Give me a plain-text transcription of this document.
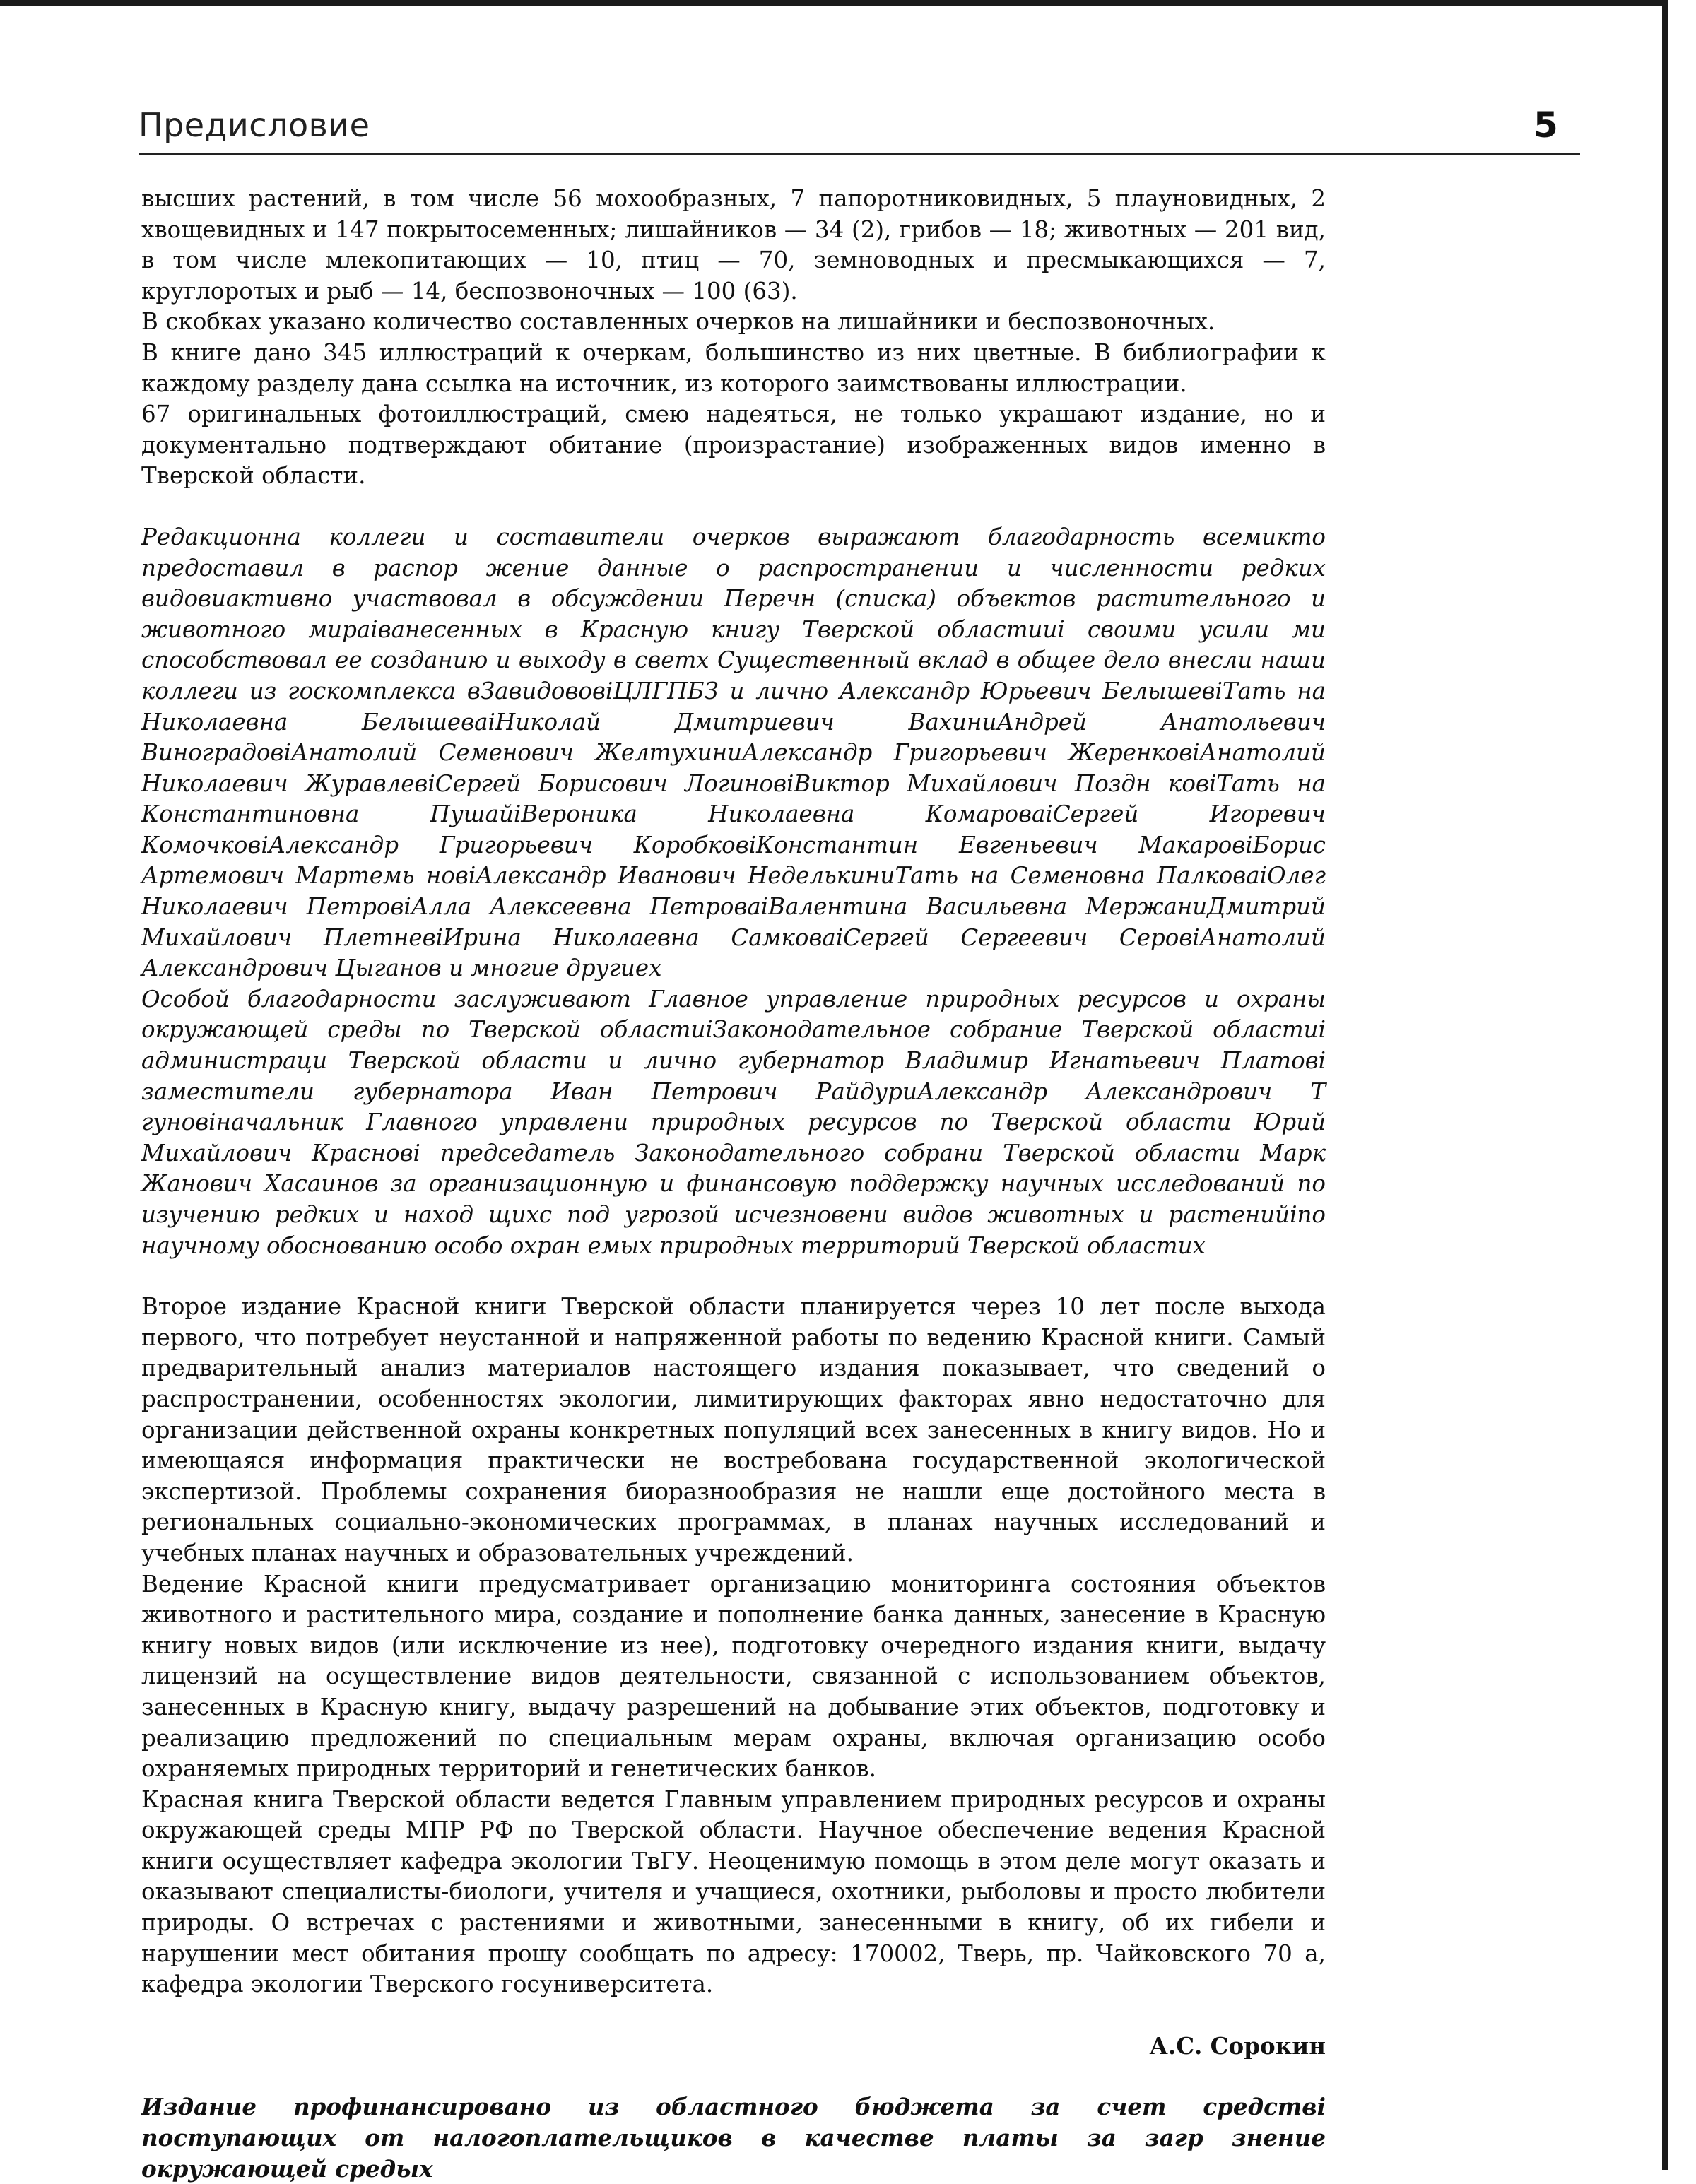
Предисловие	5

высших растений, в том числе 56 мохообразных, 7 папоротниковидных, 5 плауновидных, 2 хвощевидных и 147 покрытосеменных; лишайников — 34 (2), грибов — 18; животных — 201 вид, в том числе млекопитающих — 10, птиц — 70, земноводных и пресмыкающихся — 7, круглоротых и рыб — 14, беспозвоночных — 100 (63).

В скобках указано количество составленных очерков на лишайники и беспозвоночных.

В книге дано 345 иллюстраций к очеркам, большинство из них цветные. В библиографии к каждому разделу дана ссылка на источник, из которого заимствованы иллюстрации.

67 оригинальных фотоиллюстраций, смею надеяться, не только украшают издание, но и документально подтверждают обитание (произрастание) изображенных видов именно в Тверской области.

Редакционна коллеги и составители очерков выражают благодарность всемикто предоставил в распор жение данные о распространении и численности редких видовиактивно участвовал в обсуждении Перечн (списка) объектов растительного и животного мираiванесенных в Красную книгу Тверской областииi своими усили ми способствовал ее созданию и выходу в светх Существенный вклад в общее дело внесли наши коллеги из госкомплекса вЗавидововiЦЛГПБЗ и лично Александр Юрьевич БелышевiТать на Николаевна БелышевaiНиколай Дмитриевич ВахиниАндрей Анатольевич ВиноградовiАнатолий Семенович ЖелтухиниАлександр Григорьевич ЖеренковiАнатолий Николаевич ЖуравлевiСергей Борисович ЛогиновiВиктор Михайлович Поздн ковiТать на Константиновна ПушайiВероника Николаевна КомаровaiСергей Игоревич КомочковiАлександр Григорьевич КоробковiКонстантин Евгеньевич МакаровiБорис Артемович Мартемь новiАлександр Иванович НеделькиниТать на Семеновна ПалковaiОлег Николаевич ПетровiАлла Алексеевна ПетровaiВалентина Васильевна МержаниДмитрий Михайлович ПлетневiИрина Николаевна СамковaiСергей Сергеевич СеровiАнатолий Александрович Цыганов и многие другиех

Особой благодарности заслуживают Главное управление природных ресурсов и охраны окружающей среды по Тверской областиiЗаконодательное собрание Тверской областиi администраци Тверской области и лично губернатор Владимир Игнатьевич Платовi заместители губернатора Иван Петрович РайдуриАлександр Александрович Т гуновiначальник Главного управлени природных ресурсов по Тверской области Юрий Михайлович Красновi председатель Законодательного собрани Тверской области Марк Жанович Хасаинов за организационную и финансовую поддержку научных исследований по изучению редких и наход щихс под угрозой исчезновени видов животных и растенийiпо научному обоснованию особо охран емых природных территорий Тверской областих

Второе издание Красной книги Тверской области планируется через 10 лет после выхода первого, что потребует неустанной и напряженной работы по ведению Красной книги. Самый предварительный анализ материалов настоящего издания показывает, что сведений о распространении, особенностях экологии, лимитирующих факторах явно недостаточно для организации действенной охраны конкретных популяций всех занесенных в книгу видов. Но и имеющаяся информация практически не востребована государственной экологической экспертизой. Проблемы сохранения биоразнообразия не нашли еще достойного места в региональных социально-экономических программах, в планах научных исследований и учебных планах научных и образовательных учреждений.

Ведение Красной книги предусматривает организацию мониторинга состояния объектов животного и растительного мира, создание и пополнение банка данных, занесение в Красную книгу новых видов (или исключение из нее), подготовку очередного издания книги, выдачу лицензий на осуществление видов деятельности, связанной с использованием объектов, занесенных в Красную книгу, выдачу разрешений на добывание этих объектов, подготовку и реализацию предложений по специальным мерам охраны, включая организацию особо охраняемых природных территорий и генетических банков.

Красная книга Тверской области ведется Главным управлением природных ресурсов и охраны окружающей среды МПР РФ по Тверской области. Научное обеспечение ведения Красной книги осуществляет кафедра экологии ТвГУ. Неоценимую помощь в этом деле могут оказать и оказывают специалисты-биологи, учителя и учащиеся, охотники, рыболовы и просто любители природы. О встречах с растениями и животными, занесенными в книгу, об их гибели и нарушении мест обитания прошу сообщать по адресу: 170002, Тверь, пр. Чайковского 70 а, кафедра экологии Тверского госуниверситета.

А.С. Сорокин

Издание профинансировано из областного бюджета за счет средствi поступающих от налогоплательщиков в качестве платы за загр знение окружающей средых
